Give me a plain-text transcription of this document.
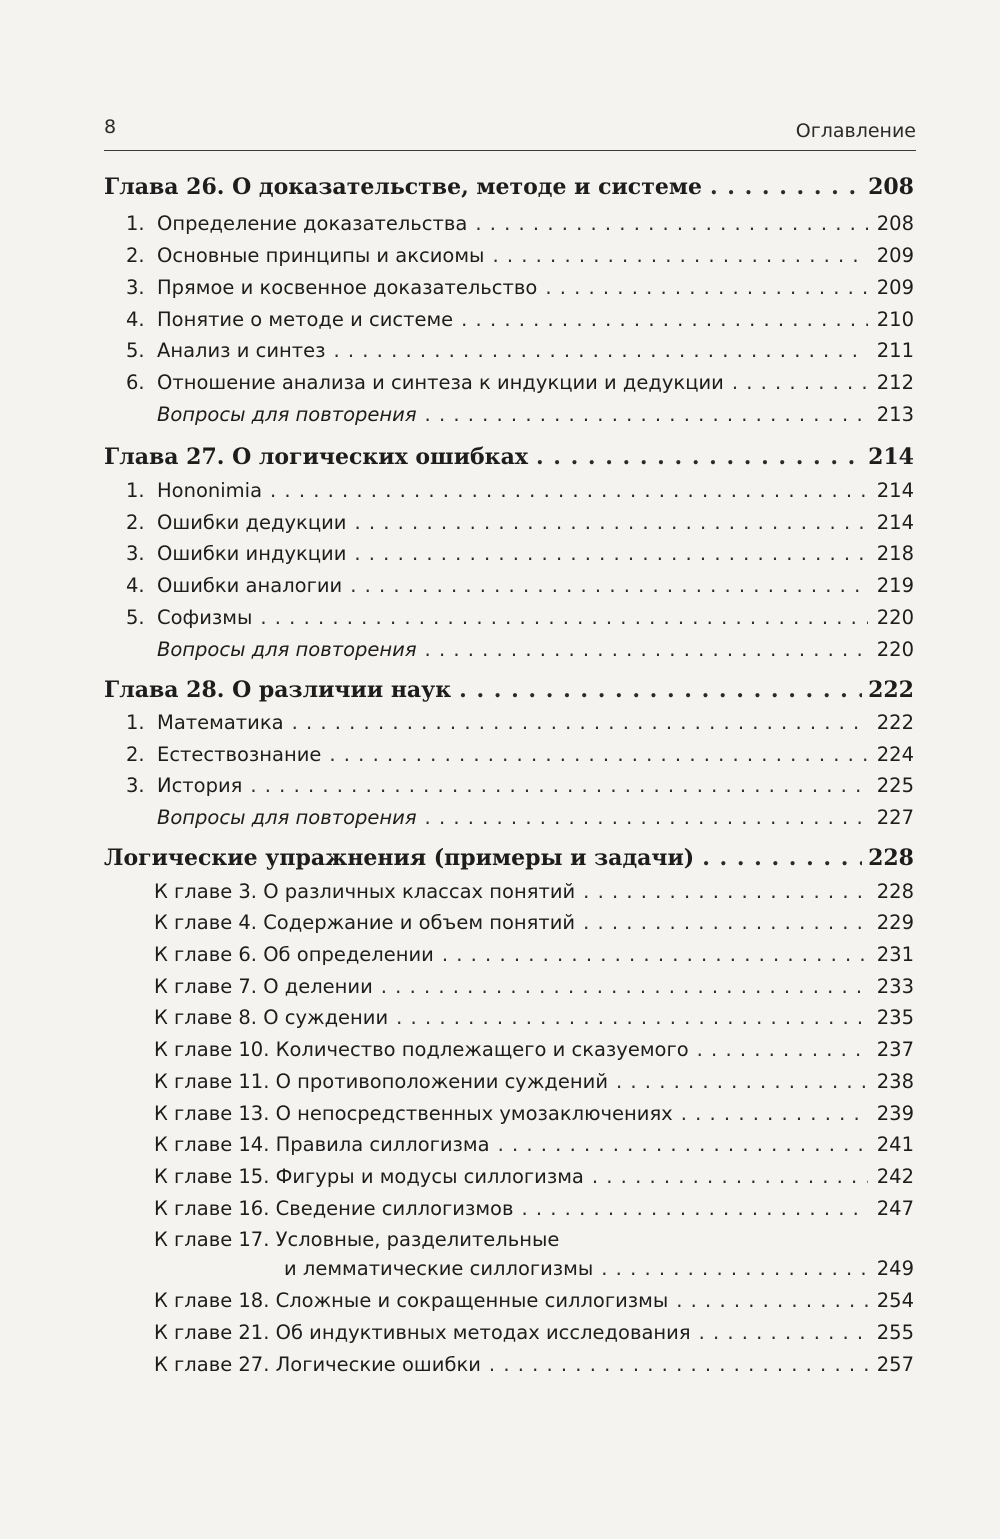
8	Оглавление
Глава 26. О доказательстве, методе и системе . . .	208
1. Определение доказательства . . .	208
2. Основные принципы и аксиомы . . .	209
3. Прямое и косвенное доказательство . . .	209
4. Понятие о методе и системе . . .	210
5. Анализ и синтез . . .	211
6. Отношение анализа и синтеза к индукции и дедукции . . .	212
Вопросы для повторения . . .	213
Глава 27. О логических ошибках . . .	214
1. Hononimia . . .	214
2. Ошибки дедукции . . .	214
3. Ошибки индукции . . .	218
4. Ошибки аналогии . . .	219
5. Софизмы . . .	220
Вопросы для повторения . . .	220
Глава 28. О различии наук . . .	222
1. Математика . . .	222
2. Естествознание . . .	224
3. История . . .	225
Вопросы для повторения . . .	227
Логические упражнения (примеры и задачи) . . .	228
К главе 3. О различных классах понятий . . .	228
К главе 4. Содержание и объем понятий . . .	229
К главе 6. Об определении . . .	231
К главе 7. О делении . . .	233
К главе 8. О суждении . . .	235
К главе 10. Количество подлежащего и сказуемого . . .	237
К главе 11. О противоположении суждений . . .	238
К главе 13. О непосредственных умозаключениях . . .	239
К главе 14. Правила силлогизма . . .	241
К главе 15. Фигуры и модусы силлогизма . . .	242
К главе 16. Сведение силлогизмов . . .	247
К главе 17. Условные, разделительные
и лемматические силлогизмы . . .	249
К главе 18. Сложные и сокращенные силлогизмы . . .	254
К главе 21. Об индуктивных методах исследования . . .	255
К главе 27. Логические ошибки . . .	257
